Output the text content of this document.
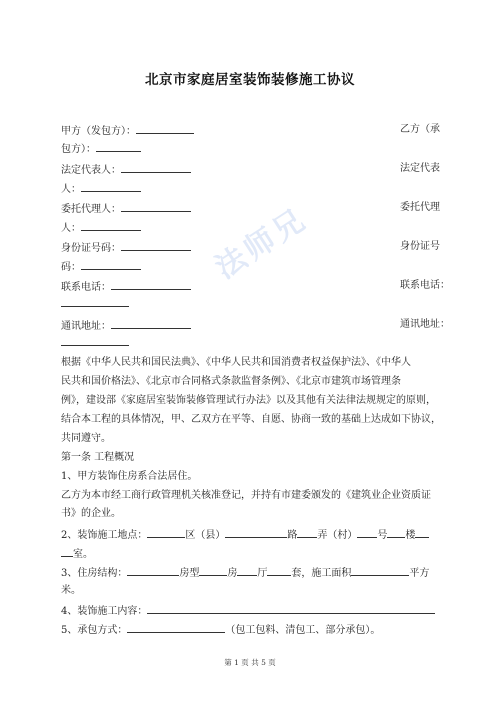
法师兄
北京市家庭居室装饰装修施工协议
甲方（发包方）：	乙方（承
包方）：
法定代表人：	法定代表
人：
委托代理人：	委托代理
人：
身份证号码：	身份证号
码：
联系电话：	联系电话：
通讯地址：	通讯地址：
根据《中华人民共和国民法典》、《中华人民共和国消费者权益保护法》、《中华人
民共和国价格法》、《北京市合同格式条款监督条例》、《北京市建筑市场管理条
例》，建设部《家庭居室装饰装修管理试行办法》以及其他有关法律法规规定的原则，
结合本工程的具体情况，甲、乙双方在平等、自愿、协商一致的基础上达成如下协议，
共同遵守。
第一条 工程概况
1、甲方装饰住房系合法居住。
乙方为本市经工商行政管理机关核准登记，并持有市建委颁发的《建筑业企业资质证
书》的企业。
2、装饰施工地点：	区（县）	路 弄（村） 号 楼
室。
3、住房结构：	房型	房 厅 套，施工面积	平方
米。
4、装饰施工内容：
5、承包方式：	（包工包料、清包工、部分承包）。
第 1 页 共 5 页
